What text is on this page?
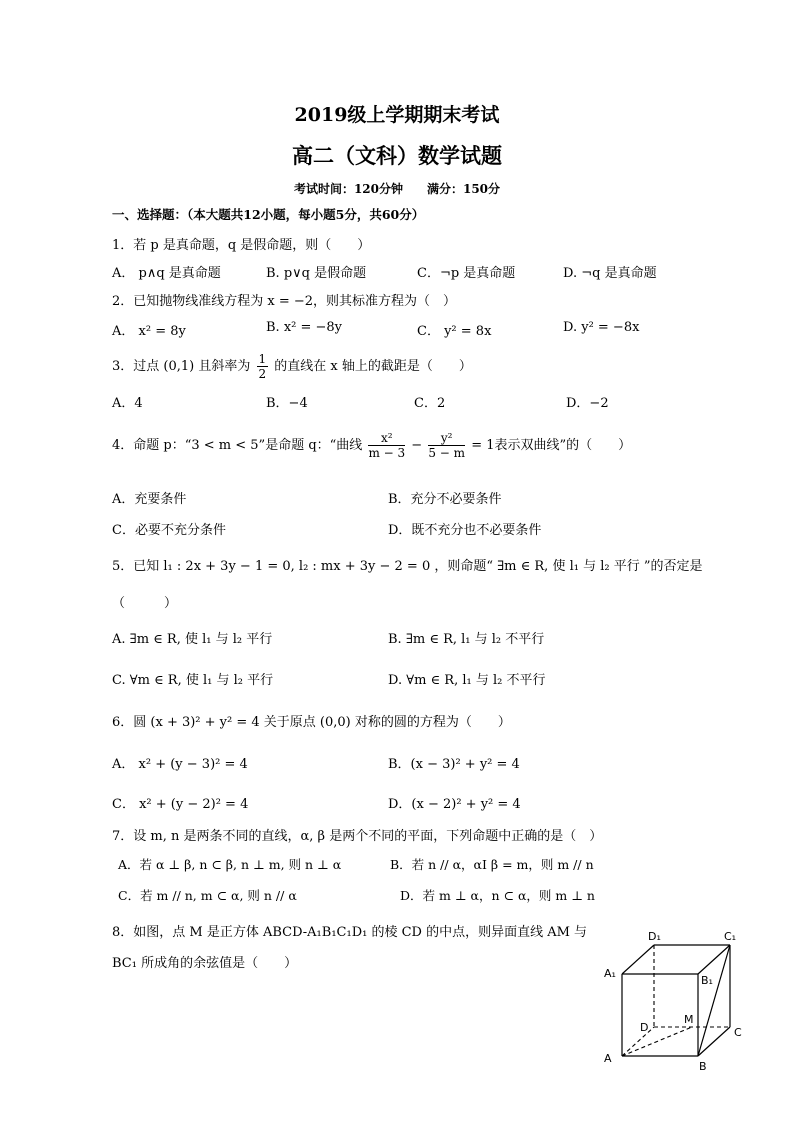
2019级上学期期末考试
高二（文科）数学试题
考试时间：120分钟　　满分：150分
一、选择题：（本大题共12小题，每小题5分，共60分）
1．若 p 是真命题，q 是假命题，则（　　）
A． p∧q 是真命题	B. p∨q 是假命题	C．¬p 是真命题	D. ¬q 是真命题
2．已知抛物线准线方程为 x = −2，则其标准方程为（　）
A． x² = 8y	B. x² = −8y	C． y² = 8x	D. y² = −8x
3．过点 (0,1) 且斜率为 $\frac{1}{2}$ 的直线在 x 轴上的截距是（　　）
A．4	B．−4	C．2	D．−2
4．命题 p：“3 < m < 5”是命题 q：“曲线 $\frac{\text{x²}}{m - 3} - \frac{\text{y²}}{5 - m} = 1$表示双曲线”的（　　）
A．充要条件	B．充分不必要条件
C．必要不充分条件	D．既不充分也不必要条件
5．已知 l₁ : 2x + 3y − 1 = 0, l₂ : mx + 3y − 2 = 0 ，则命题“ ∃m ∈ R, 使 l₁ 与 l₂ 平行 ”的否定是
（　　　）
A. ∃m ∈ R, 使 l₁ 与 l₂ 平行	B. ∃m ∈ R, l₁ 与 l₂ 不平行
C. ∀m ∈ R, 使 l₁ 与 l₂ 平行	D. ∀m ∈ R, l₁ 与 l₂ 不平行
6．圆 (x + 3)² + y² = 4 关于原点 (0,0) 对称的圆的方程为（　　）
A． x² + (y − 3)² = 4	B．(x − 3)² + y² = 4
C． x² + (y − 2)² = 4	D．(x − 2)² + y² = 4
7．设 m, n 是两条不同的直线，α, β 是两个不同的平面，下列命题中正确的是（　）
A．若 α ⊥ β, n ⊂ β, n ⊥ m, 则 n ⊥ α	B．若 n // α，αΙ β = m，则 m // n
C．若 m // n, m ⊂ α, 则 n // α	D．若 m ⊥ α，n ⊂ α，则 m ⊥ n
8．如图，点 M 是正方体 ABCD-A₁B₁C₁D₁ 的棱 CD 的中点，则异面直线 AM 与
BC₁ 所成角的余弦值是（　　）
D₁	C₁
A₁
B₁
D
M
C
A
B
